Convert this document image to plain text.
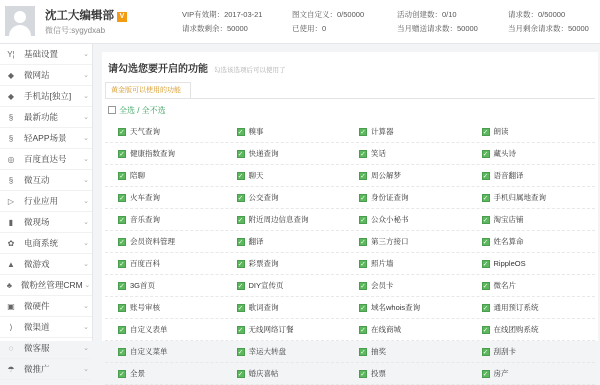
沈工大编辑部 V
微信号:sygydxab
VIP有效期：2017-03-21
请求数剩余：50000
图文自定义：0/50000
已使用：0
活动创建数：0/10
当月赠送请求数：50000
请求数：0/50000
当月剩余请求数：50000
Y¦	基础设置	⌄
◆	微网站	⌄
◆	手机站[独立]	⌄
§	最新功能	⌄
§	轻APP场景	⌄
◎	百度直达号	⌄
§	微互动	⌄
▷	行业应用	⌄
▮	微现场	⌄
✿	电商系统	⌄
▲	微游戏	⌄
♣	微粉丝管理CRM ⌄
▣	微硬件	⌄
⟩	微渠道	⌄
◌	微客服	⌄
☂	微推广	⌄
请勾选您要开启的功能 勾选该选项后可以使用了
黄金版可以使用的功能
全选 / 全不选
✓ 天气查询	✓ 糗事	✓ 计算器	✓ 朗读
✓ 健康指数查询	✓ 快递查询	✓ 笑话	✓ 藏头诗
✓ 陪聊	✓ 聊天	✓ 周公解梦	✓ 语音翻译
✓ 火车查询	✓ 公交查询	✓ 身份证查询	✓ 手机归属地查询
✓ 音乐查询	✓ 附近周边信息查询	✓ 公众小秘书	✓ 淘宝店铺
✓ 会员资料管理	✓ 翻译	✓ 第三方接口	✓ 姓名算命
✓ 百度百科	✓ 彩票查询	✓ 照片墙	✓ RippleOS
✓ 3G首页	✓ DIY宣传页	✓ 会员卡	✓ 微名片
✓ 账号审核	✓ 歌词查询	✓ 域名whois查询	✓ 通用预订系统
✓ 自定义表单	✓ 无线网络订餐	✓ 在线商城	✓ 在线团购系统
✓ 自定义菜单	✓ 幸运大转盘	✓ 抽奖	✓ 刮刮卡
✓ 全景	✓ 婚庆喜帖	✓ 投票	✓ 房产
